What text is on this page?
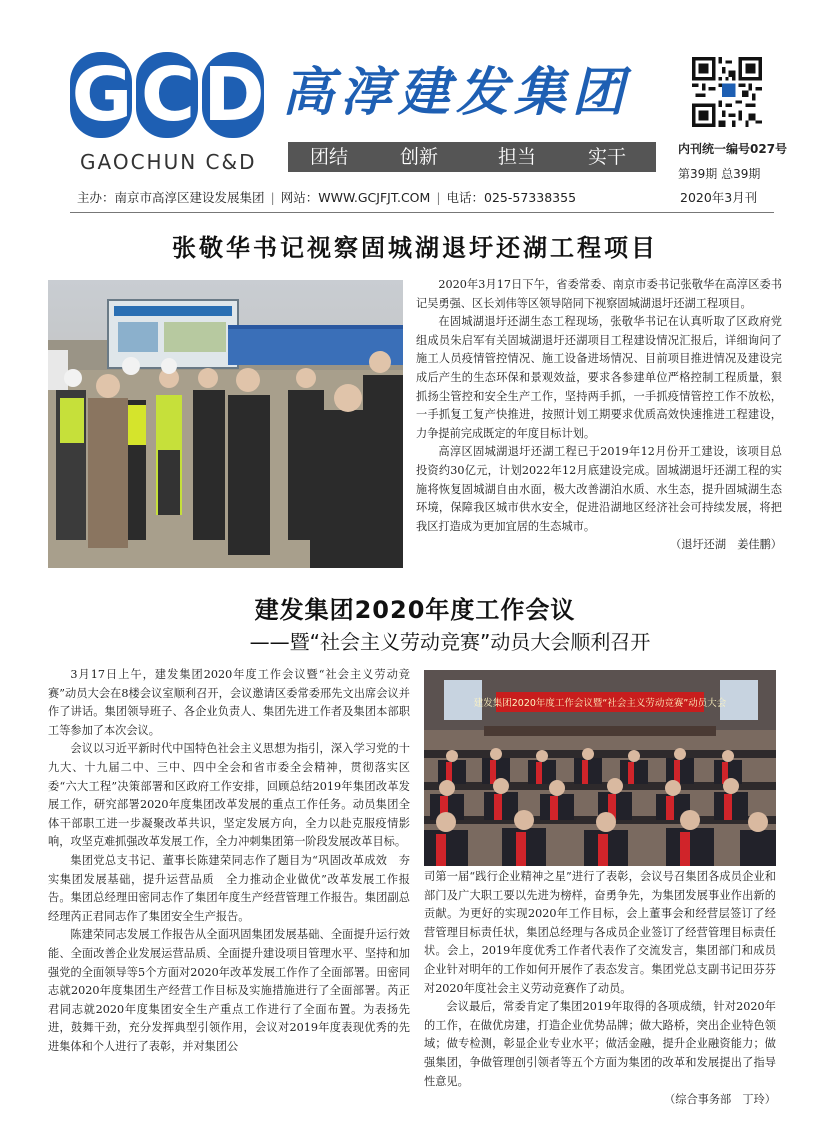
G C D
GAOCHUN C&D
高淳建发集团
团结	创新	担当	实干	内刊统一编号027号
第39期 总39期
主办：南京市高淳区建设发展集团 | 网站：WWW.GCJFJT.COM | 电话：025-57338355	2020年3月刊
张敬华书记视察固城湖退圩还湖工程项目

2020年3月17日下午，省委常委、南京市委书记张敬华在高淳区委书记吴勇强、区长刘伟等区领导陪同下视察固城湖退圩还湖工程项目。

在固城湖退圩还湖生态工程现场，张敬华书记在认真听取了区政府党组成员朱启军有关固城湖退圩还湖项目工程建设情况汇报后，详细询问了施工人员疫情管控情况、施工设备进场情况、目前项目推进情况及建设完成后产生的生态环保和景观效益，要求各参建单位严格控制工程质量，狠抓扬尘管控和安全生产工作，坚持两手抓，一手抓疫情管控工作不放松，一手抓复工复产快推进，按照计划工期要求优质高效快速推进工程建设，力争提前完成既定的年度目标计划。

高淳区固城湖退圩还湖工程已于2019年12月份开工建设，该项目总投资约30亿元，计划2022年12月底建设完成。固城湖退圩还湖工程的实施将恢复固城湖自由水面，极大改善湖泊水质、水生态，提升固城湖生态环境，保障我区城市供水安全，促进沿湖地区经济社会可持续发展，将把我区打造成为更加宜居的生态城市。

（退圩还湖　姜佳鹏）

建发集团2020年度工作会议
——暨“社会主义劳动竞赛”动员大会顺利召开

3月17日上午，建发集团2020年度工作会议暨“社会主义劳动竞赛”动员大会在8楼会议室顺利召开，会议邀请区委常委邢先文出席会议并作了讲话。集团领导班子、各企业负责人、集团先进工作者及集团本部职工等参加了本次会议。

会议以习近平新时代中国特色社会主义思想为指引，深入学习党的十九大、十九届二中、三中、四中全会和省市委全会精神，贯彻落实区委“六大工程”决策部署和区政府工作安排，回顾总结2019年集团改革发展工作，研究部署2020年度集团改革发展的重点工作任务。动员集团全体干部职工进一步凝聚改革共识，坚定发展方向，全力以赴克服疫情影响，攻坚克难抓强改革发展工作，全力冲刺集团第一阶段发展改革目标。

集团党总支书记、董事长陈建荣同志作了题目为“巩固改革成效　夯实集团发展基础，提升运营品质　全力推动企业做优”改革发展工作报告。集团总经理田密同志作了集团年度生产经营管理工作报告。集团副总经理芮正君同志作了集团安全生产报告。

陈建荣同志发展工作报告从全面巩固集团发展基础、全面提升运行效能、全面改善企业发展运营品质、全面提升建设项目管理水平、坚持和加强党的全面领导等5个方面对2020年改革发展工作作了全面部署。田密同志就2020年度集团生产经营工作目标及实施措施进行了全面部署。芮正君同志就2020年度集团安全生产重点工作进行了全面布置。为表扬先进，鼓舞干劲，充分发挥典型引领作用，会议对2019年度表现优秀的先进集体和个人进行了表彰，并对集团公

建发集团2020年度工作会议暨“社会主义劳动竞赛”动员大会

司第一届“践行企业精神之星”进行了表彰，会议号召集团各成员企业和部门及广大职工要以先进为榜样，奋勇争先，为集团发展事业作出新的贡献。为更好的实现2020年工作目标，会上董事会和经营层签订了经营管理目标责任状，集团总经理与各成员企业签订了经营管理目标责任状。会上，2019年度优秀工作者代表作了交流发言，集团部门和成员企业针对明年的工作如何开展作了表态发言。集团党总支副书记田芬芬对2020年度社会主义劳动竞赛作了动员。

会议最后，常委肯定了集团2019年取得的各项成绩，针对2020年的工作，在做优房建，打造企业优势品牌；做大路桥，突出企业特色领域；做专检测，彰显企业专业水平；做活金融，提升企业融资能力；做强集团，争做管理创引领者等五个方面为集团的改革和发展提出了指导性意见。

（综合事务部　丁玲）
